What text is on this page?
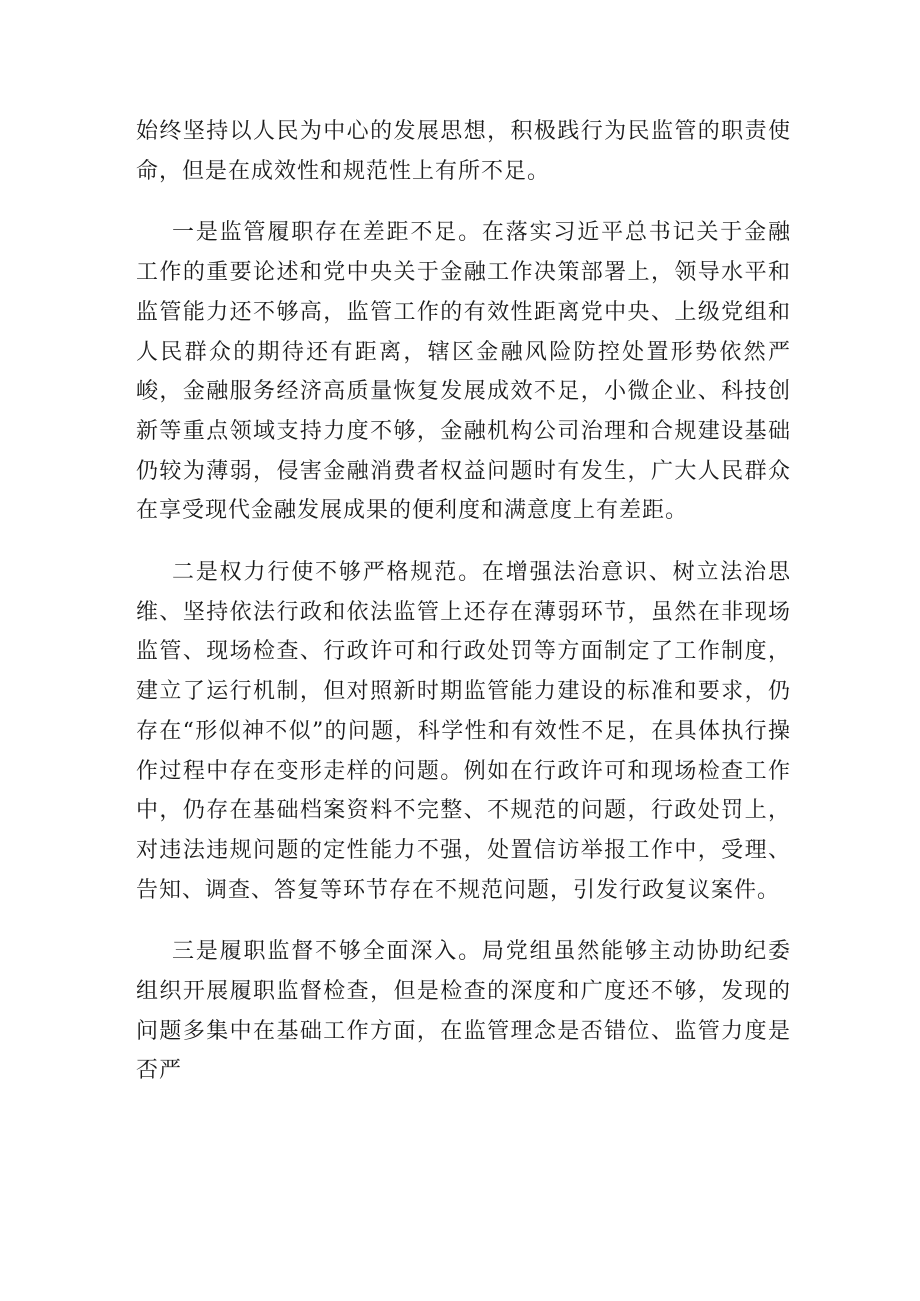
始终坚持以人民为中心的发展思想，积极践行为民监管的职责使命，但是在成效性和规范性上有所不足。

一是监管履职存在差距不足。在落实习近平总书记关于金融工作的重要论述和党中央关于金融工作决策部署上，领导水平和监管能力还不够高，监管工作的有效性距离党中央、上级党组和人民群众的期待还有距离，辖区金融风险防控处置形势依然严峻，金融服务经济高质量恢复发展成效不足，小微企业、科技创新等重点领域支持力度不够，金融机构公司治理和合规建设基础仍较为薄弱，侵害金融消费者权益问题时有发生，广大人民群众在享受现代金融发展成果的便利度和满意度上有差距。

二是权力行使不够严格规范。在增强法治意识、树立法治思维、坚持依法行政和依法监管上还存在薄弱环节，虽然在非现场监管、现场检查、行政许可和行政处罚等方面制定了工作制度，建立了运行机制，但对照新时期监管能力建设的标准和要求，仍存在“形似神不似”的问题，科学性和有效性不足，在具体执行操作过程中存在变形走样的问题。例如在行政许可和现场检查工作中，仍存在基础档案资料不完整、不规范的问题，行政处罚上，对违法违规问题的定性能力不强，处置信访举报工作中，受理、告知、调查、答复等环节存在不规范问题，引发行政复议案件。

三是履职监督不够全面深入。局党组虽然能够主动协助纪委组织开展履职监督检查，但是检查的深度和广度还不够，发现的问题多集中在基础工作方面，在监管理念是否错位、监管力度是否严
